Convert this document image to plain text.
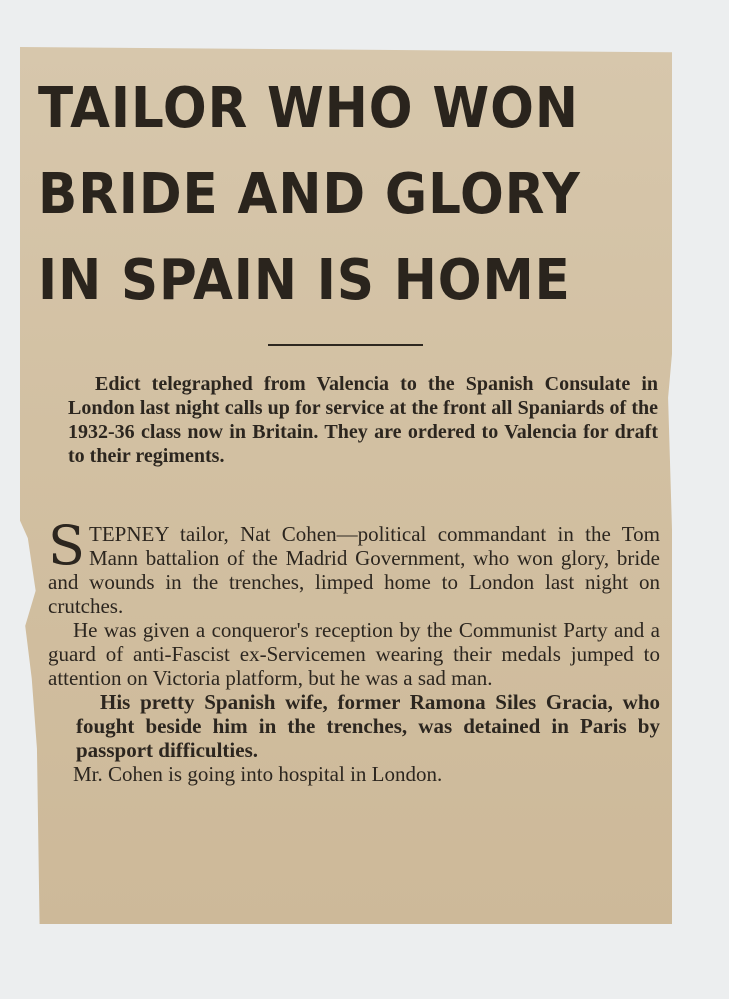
TAILOR WHO WON
BRIDE AND GLORY
IN SPAIN IS HOME

Edict telegraphed from Valencia to the Spanish Consulate in London last night calls up for service at the front all Spaniards of the 1932-36 class now in Britain. They are ordered to Valencia for draft to their regiments.

STEPNEY tailor, Nat Cohen—political commandant in the Tom Mann battalion of the Madrid Government, who won glory, bride and wounds in the trenches, limped home to London last night on crutches.

He was given a conqueror's reception by the Communist Party and a guard of anti-Fascist ex-Servicemen wearing their medals jumped to attention on Victoria platform, but he was a sad man.

His pretty Spanish wife, former Ramona Siles Gracia, who fought beside him in the trenches, was detained in Paris by passport difficulties.

Mr. Cohen is going into hospital in London.
